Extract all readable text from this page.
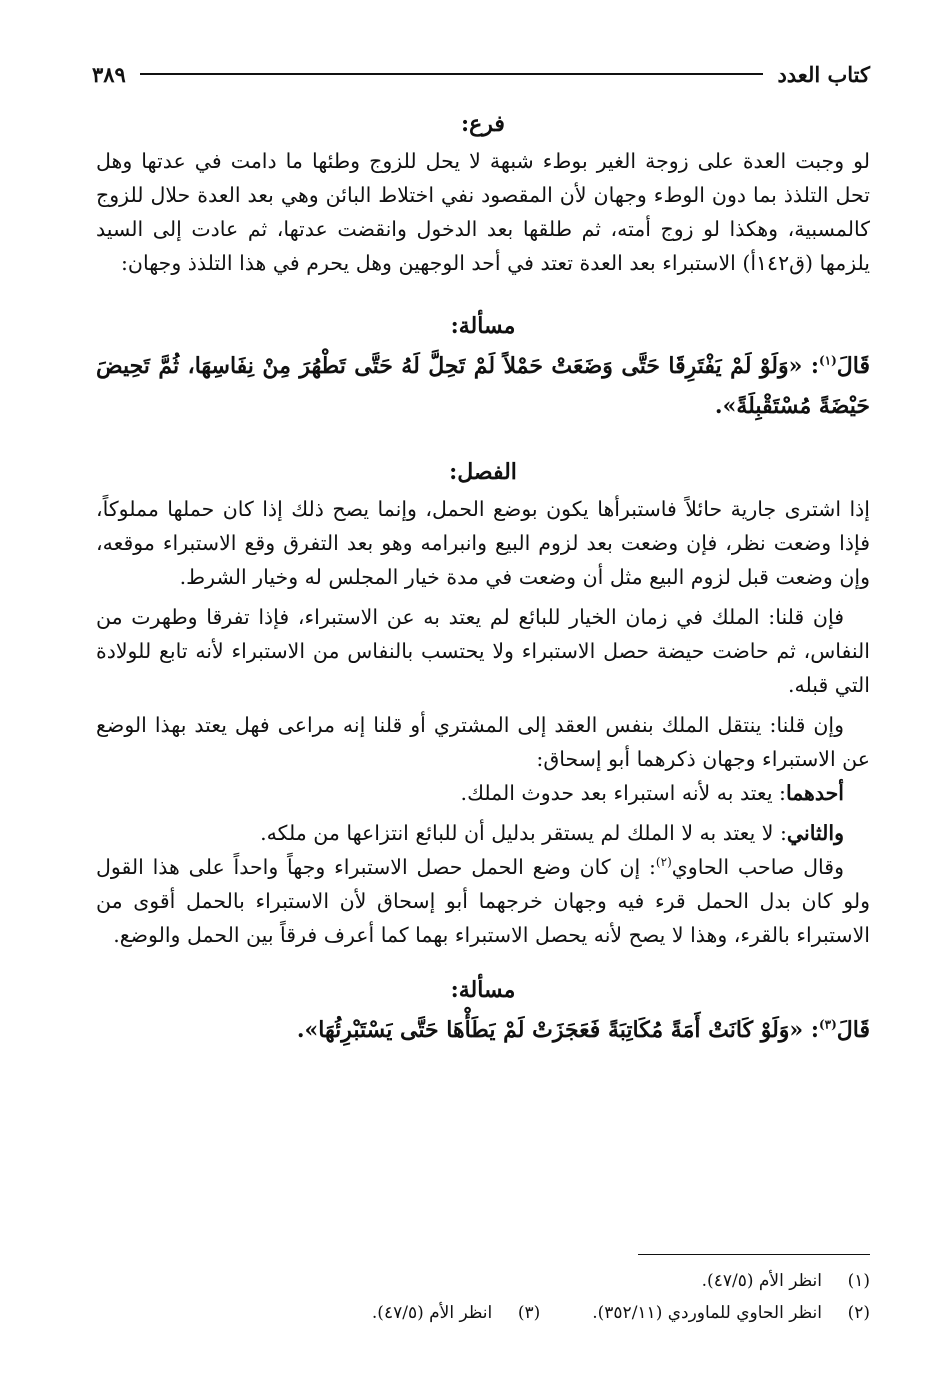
كتاب العدد
٣٨٩
فرع:

لو وجبت العدة على زوجة الغير بوطء شبهة لا يحل للزوج وطئها ما دامت في عدتها وهل تحل التلذذ بما دون الوطء وجهان لأن المقصود نفي اختلاط البائن وهي بعد العدة حلال للزوج كالمسبية، وهكذا لو زوج أمته، ثم طلقها بعد الدخول وانقضت عدتها، ثم عادت إلى السيد يلزمها (ق١٤٢أ) الاستبراء بعد العدة تعتد في أحد الوجهين وهل يحرم في هذا التلذذ وجهان:

مسألة:

قَالَ$^{(١)}$: «وَلَوْ لَمْ يَفْتَرِقَا حَتَّى وَضَعَتْ حَمْلاً لَمْ تَحِلَّ لَهُ حَتَّى تَطْهُرَ مِنْ نِفَاسِهَا، ثُمَّ تَحِيضَ حَيْضَةً مُسْتَقْبِلَةً».

الفصل:

إذا اشترى جارية حائلاً فاستبرأها يكون بوضع الحمل، وإنما يصح ذلك إذا كان حملها مملوكاً، فإذا وضعت نظر، فإن وضعت بعد لزوم البيع وانبرامه وهو بعد التفرق وقع الاستبراء موقعه، وإن وضعت قبل لزوم البيع مثل أن وضعت في مدة خيار المجلس له وخيار الشرط.

فإن قلنا: الملك في زمان الخيار للبائع لم يعتد به عن الاستبراء، فإذا تفرقا وطهرت من النفاس، ثم حاضت حيضة حصل الاستبراء ولا يحتسب بالنفاس من الاستبراء لأنه تابع للولادة التي قبله.

وإن قلنا: ينتقل الملك بنفس العقد إلى المشتري أو قلنا إنه مراعى فهل يعتد بهذا الوضع عن الاستبراء وجهان ذكرهما أبو إسحاق:

أحدهما: يعتد به لأنه استبراء بعد حدوث الملك.

والثاني: لا يعتد به لا الملك لم يستقر بدليل أن للبائع انتزاعها من ملكه.

وقال صاحب الحاوي$^{(٢)}$: إن كان وضع الحمل حصل الاستبراء وجهاً واحداً على هذا القول ولو كان بدل الحمل قرء فيه وجهان خرجهما أبو إسحاق لأن الاستبراء بالحمل أقوى من الاستبراء بالقرء، وهذا لا يصح لأنه يحصل الاستبراء بهما كما أعرف فرقاً بين الحمل والوضع.

مسألة:

قَالَ$^{(٣)}$: «وَلَوْ كَانَتْ أَمَةً مُكَاتِبَةً فَعَجَزَتْ لَمْ يَطَأْهَا حَتَّى يَسْتَبْرِئُهَا».

(١)انظر الأم (٤٧/٥).
(٢)انظر الحاوي للماوردي (٣٥٢/١١).(٣)انظر الأم (٤٧/٥).
